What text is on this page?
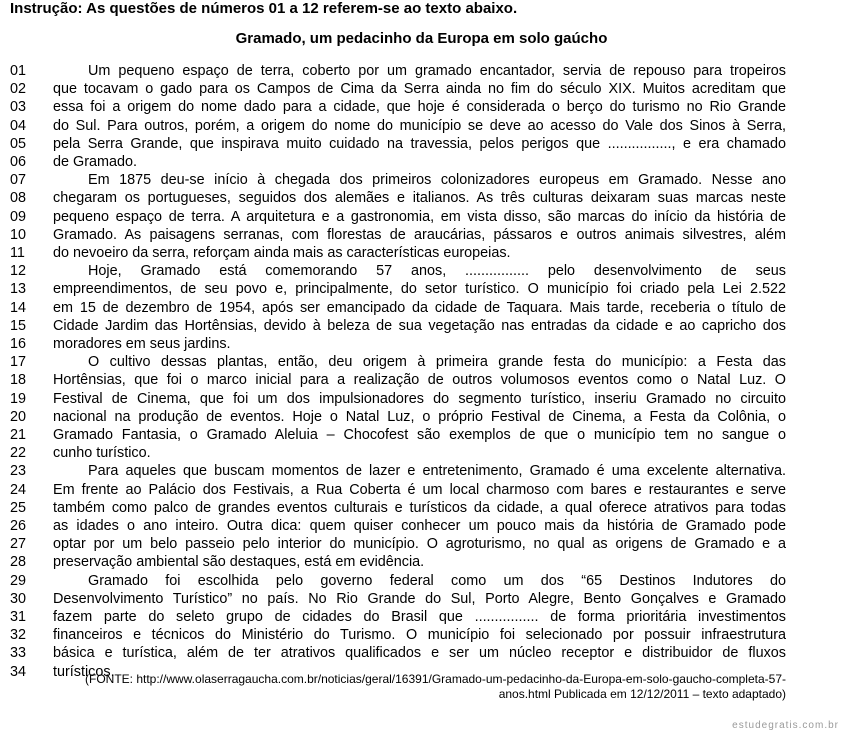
Instrução: As questões de números 01 a 12 referem-se ao texto abaixo.
Gramado, um pedacinho da Europa em solo gaúcho
01	Um pequeno espaço de terra, coberto por um gramado encantador, servia de repouso para tropeiros
02	que tocavam o gado para os Campos de Cima da Serra ainda no fim do século XIX. Muitos acreditam que
03	essa foi a origem do nome dado para a cidade, que hoje é considerada o berço do turismo no Rio Grande
04	do Sul. Para outros, porém, a origem do nome do município se deve ao acesso do Vale dos Sinos à Serra,
05	pela Serra Grande, que inspirava muito cuidado na travessia, pelos perigos que ................, e era chamado
06	de Gramado.
07	Em 1875 deu-se início à chegada dos primeiros colonizadores europeus em Gramado. Nesse ano
08	chegaram os portugueses, seguidos dos alemães e italianos. As três culturas deixaram suas marcas neste
09	pequeno espaço de terra. A arquitetura e a gastronomia, em vista disso, são marcas do início da história de
10	Gramado. As paisagens serranas, com florestas de araucárias, pássaros e outros animais silvestres, além
11	do nevoeiro da serra, reforçam ainda mais as características europeias.
12	Hoje, Gramado está comemorando 57 anos, ................ pelo desenvolvimento de seus
13	empreendimentos, de seu povo e, principalmente, do setor turístico. O município foi criado pela Lei 2.522
14	em 15 de dezembro de 1954, após ser emancipado da cidade de Taquara. Mais tarde, receberia o título de
15	Cidade Jardim das Hortênsias, devido à beleza de sua vegetação nas entradas da cidade e ao capricho dos
16	moradores em seus jardins.
17	O cultivo dessas plantas, então, deu origem à primeira grande festa do município: a Festa das
18	Hortênsias, que foi o marco inicial para a realização de outros volumosos eventos como o Natal Luz. O
19	Festival de Cinema, que foi um dos impulsionadores do segmento turístico, inseriu Gramado no circuito
20	nacional na produção de eventos. Hoje o Natal Luz, o próprio Festival de Cinema, a Festa da Colônia, o
21	Gramado Fantasia, o Gramado Aleluia – Chocofest são exemplos de que o município tem no sangue o
22	cunho turístico.
23	Para aqueles que buscam momentos de lazer e entretenimento, Gramado é uma excelente alternativa.
24	Em frente ao Palácio dos Festivais, a Rua Coberta é um local charmoso com bares e restaurantes e serve
25	também como palco de grandes eventos culturais e turísticos da cidade, a qual oferece atrativos para todas
26	as idades o ano inteiro. Outra dica: quem quiser conhecer um pouco mais da história de Gramado pode
27	optar por um belo passeio pelo interior do município. O agroturismo, no qual as origens de Gramado e a
28	preservação ambiental são destaques, está em evidência.
29	Gramado foi escolhida pelo governo federal como um dos “65 Destinos Indutores do
30	Desenvolvimento Turístico” no país. No Rio Grande do Sul, Porto Alegre, Bento Gonçalves e Gramado
31	fazem parte do seleto grupo de cidades do Brasil que ................ de forma prioritária investimentos
32	financeiros e técnicos do Ministério do Turismo. O município foi selecionado por possuir infraestrutura
33	básica e turística, além de ter atrativos qualificados e ser um núcleo receptor e distribuidor de fluxos
34	turísticos.
(FONTE: http://www.olaserragaucha.com.br/noticias/geral/16391/Gramado-um-pedacinho-da-Europa-em-solo-gaucho-completa-57-
anos.html Publicada em 12/12/2011 – texto adaptado)
estudegratis.com.br
